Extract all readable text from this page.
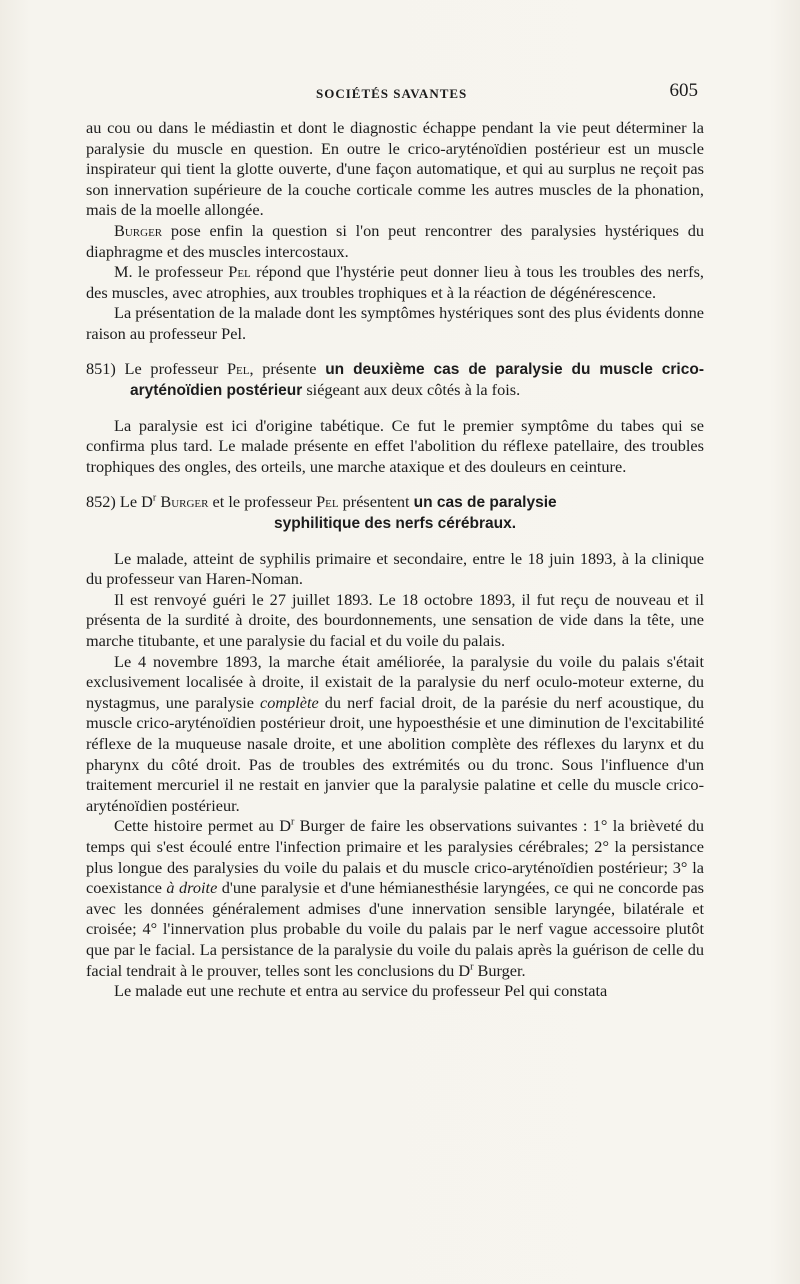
SOCIÉTÉS SAVANTES	605

au cou ou dans le médiastin et dont le diagnostic échappe pendant la vie peut déterminer la paralysie du muscle en question. En outre le crico-aryténoïdien postérieur est un muscle inspirateur qui tient la glotte ouverte, d'une façon automatique, et qui au surplus ne reçoit pas son innervation supérieure de la couche corticale comme les autres muscles de la phonation, mais de la moelle allongée.

Burger pose enfin la question si l'on peut rencontrer des paralysies hystériques du diaphragme et des muscles intercostaux.

M. le professeur Pel répond que l'hystérie peut donner lieu à tous les troubles des nerfs, des muscles, avec atrophies, aux troubles trophiques et à la réaction de dégénérescence.

La présentation de la malade dont les symptômes hystériques sont des plus évidents donne raison au professeur Pel.

851) Le professeur Pel, présente un deuxième cas de paralysie du muscle crico-aryténoïdien postérieur siégeant aux deux côtés à la fois.

La paralysie est ici d'origine tabétique. Ce fut le premier symptôme du tabes qui se confirma plus tard. Le malade présente en effet l'abolition du réflexe patellaire, des troubles trophiques des ongles, des orteils, une marche ataxique et des douleurs en ceinture.

852) Le $D^r$ Burger et le professeur Pel présentent un cas de paralysie

syphilitique des nerfs cérébraux.

Le malade, atteint de syphilis primaire et secondaire, entre le 18 juin 1893, à la clinique du professeur van Haren-Noman.

Il est renvoyé guéri le 27 juillet 1893. Le 18 octobre 1893, il fut reçu de nouveau et il présenta de la surdité à droite, des bourdonnements, une sensation de vide dans la tête, une marche titubante, et une paralysie du facial et du voile du palais.

Le 4 novembre 1893, la marche était améliorée, la paralysie du voile du palais s'était exclusivement localisée à droite, il existait de la paralysie du nerf oculo-moteur externe, du nystagmus, une paralysie complète du nerf facial droit, de la parésie du nerf acoustique, du muscle crico-aryténoïdien postérieur droit, une hypoesthésie et une diminution de l'excitabilité réflexe de la muqueuse nasale droite, et une abolition complète des réflexes du larynx et du pharynx du côté droit. Pas de troubles des extrémités ou du tronc. Sous l'influence d'un traitement mercuriel il ne restait en janvier que la paralysie palatine et celle du muscle crico-aryténoïdien postérieur.

Cette histoire permet au $D^r$ Burger de faire les observations suivantes : 1° la brièveté du temps qui s'est écoulé entre l'infection primaire et les paralysies cérébrales; 2° la persistance plus longue des paralysies du voile du palais et du muscle crico-aryténoïdien postérieur; 3° la coexistance à droite d'une paralysie et d'une hémianesthésie laryngées, ce qui ne concorde pas avec les données généralement admises d'une innervation sensible laryngée, bilatérale et croisée; 4° l'innervation plus probable du voile du palais par le nerf vague accessoire plutôt que par le facial. La persistance de la paralysie du voile du palais après la guérison de celle du facial tendrait à le prouver, telles sont les conclusions du $D^r$ Burger.

Le malade eut une rechute et entra au service du professeur Pel qui constata
